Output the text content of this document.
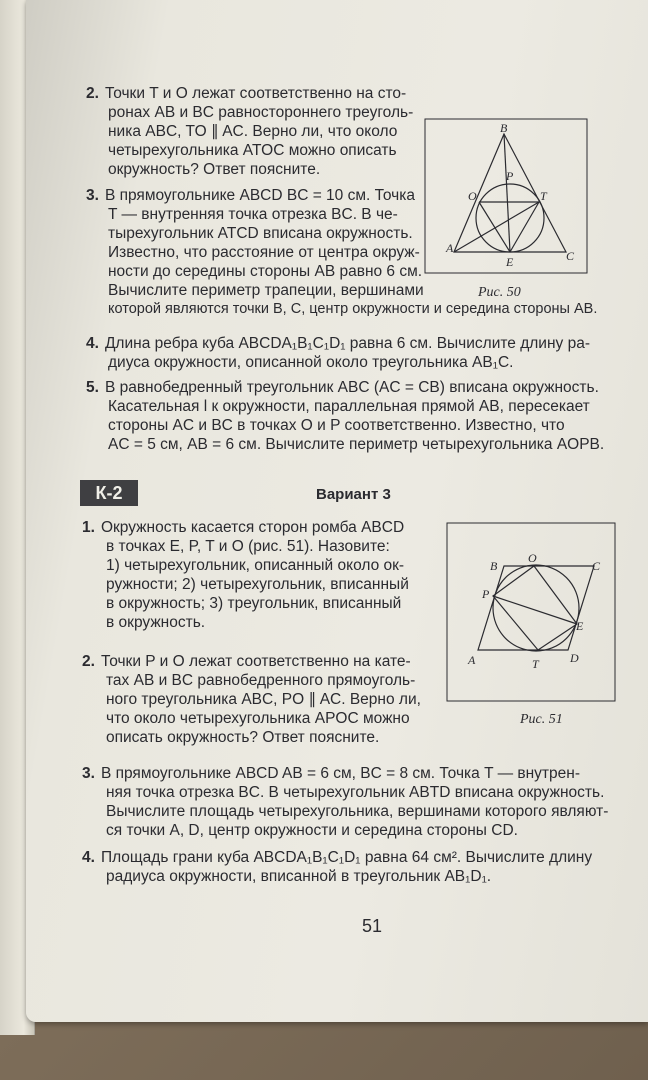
2. Точки T и O лежат соответственно на сто-
ронах AB и BC равностороннего треуголь-
ника ABC, TO ∥ AC. Верно ли, что около
четырехугольника ATOC можно описать
окружность? Ответ поясните.
3. В прямоугольнике ABCD BC = 10 см. Точка
T — внутренняя точка отрезка BC. В че-
тырехугольник ATCD вписана окружность.
Известно, что расстояние от центра окруж-
ности до середины стороны AB равно 6 см.
Вычислите периметр трапеции, вершинами
которой являются точки B, C, центр окружности и середина стороны AB.
4. Длина ребра куба ABCDA₁B₁C₁D₁ равна 6 см. Вычислите длину ра-
диуса окружности, описанной около треугольника AB₁C.
5. В равнобедренный треугольник ABC (AC = CB) вписана окружность.
Касательная l к окружности, параллельная прямой AB, пересекает
стороны AC и BC в точках O и P соответственно. Известно, что
AC = 5 см, AB = 6 см. Вычислите периметр четырехугольника AOPB.
B
O
P
T
A
E	C
Рис. 50
К-2	Вариант 3
1. Окружность касается сторон ромба ABCD
в точках E, P, T и O (рис. 51). Назовите:
1) четырехугольник, описанный около ок-
ружности; 2) четырехугольник, вписанный
в окружность; 3) треугольник, вписанный
в окружность.
2. Точки P и O лежат соответственно на кате-
тах AB и BC равнобедренного прямоуголь-
ного треугольника ABC, PO ∥ AC. Верно ли,
что около четырехугольника APOC можно
описать окружность? Ответ поясните.
3. В прямоугольнике ABCD AB = 6 см, BC = 8 см. Точка T — внутрен-
няя точка отрезка BC. В четырехугольник ABTD вписана окружность.
Вычислите площадь четырехугольника, вершинами которого являют-
ся точки A, D, центр окружности и середина стороны CD.
4. Площадь грани куба ABCDA₁B₁C₁D₁ равна 64 см². Вычислите длину
радиуса окружности, вписанной в треугольник AB₁D₁.
B
O
C
P
E
A	T	D
Рис. 51
51
